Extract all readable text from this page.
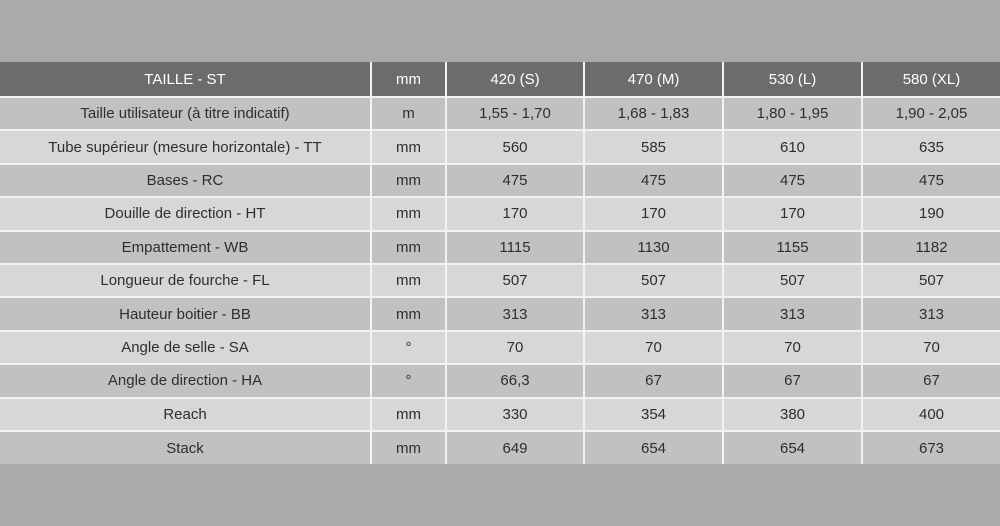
TAILLE - ST	mm	420 (S)	470 (M)	530 (L)	580 (XL)
Taille utilisateur (à titre indicatif)	m	1,55 - 1,70	1,68 - 1,83	1,80 - 1,95	1,90 - 2,05
Tube supérieur (mesure horizontale) - TT	mm	560	585	610	635
Bases - RC	mm	475	475	475	475
Douille de direction - HT	mm	170	170	170	190
Empattement - WB	mm	1115	1130	1155	1182
Longueur de fourche - FL	mm	507	507	507	507
Hauteur boitier - BB	mm	313	313	313	313
Angle de selle - SA	°	70	70	70	70
Angle de direction - HA	°	66,3	67	67	67
Reach	mm	330	354	380	400
Stack	mm	649	654	654	673
